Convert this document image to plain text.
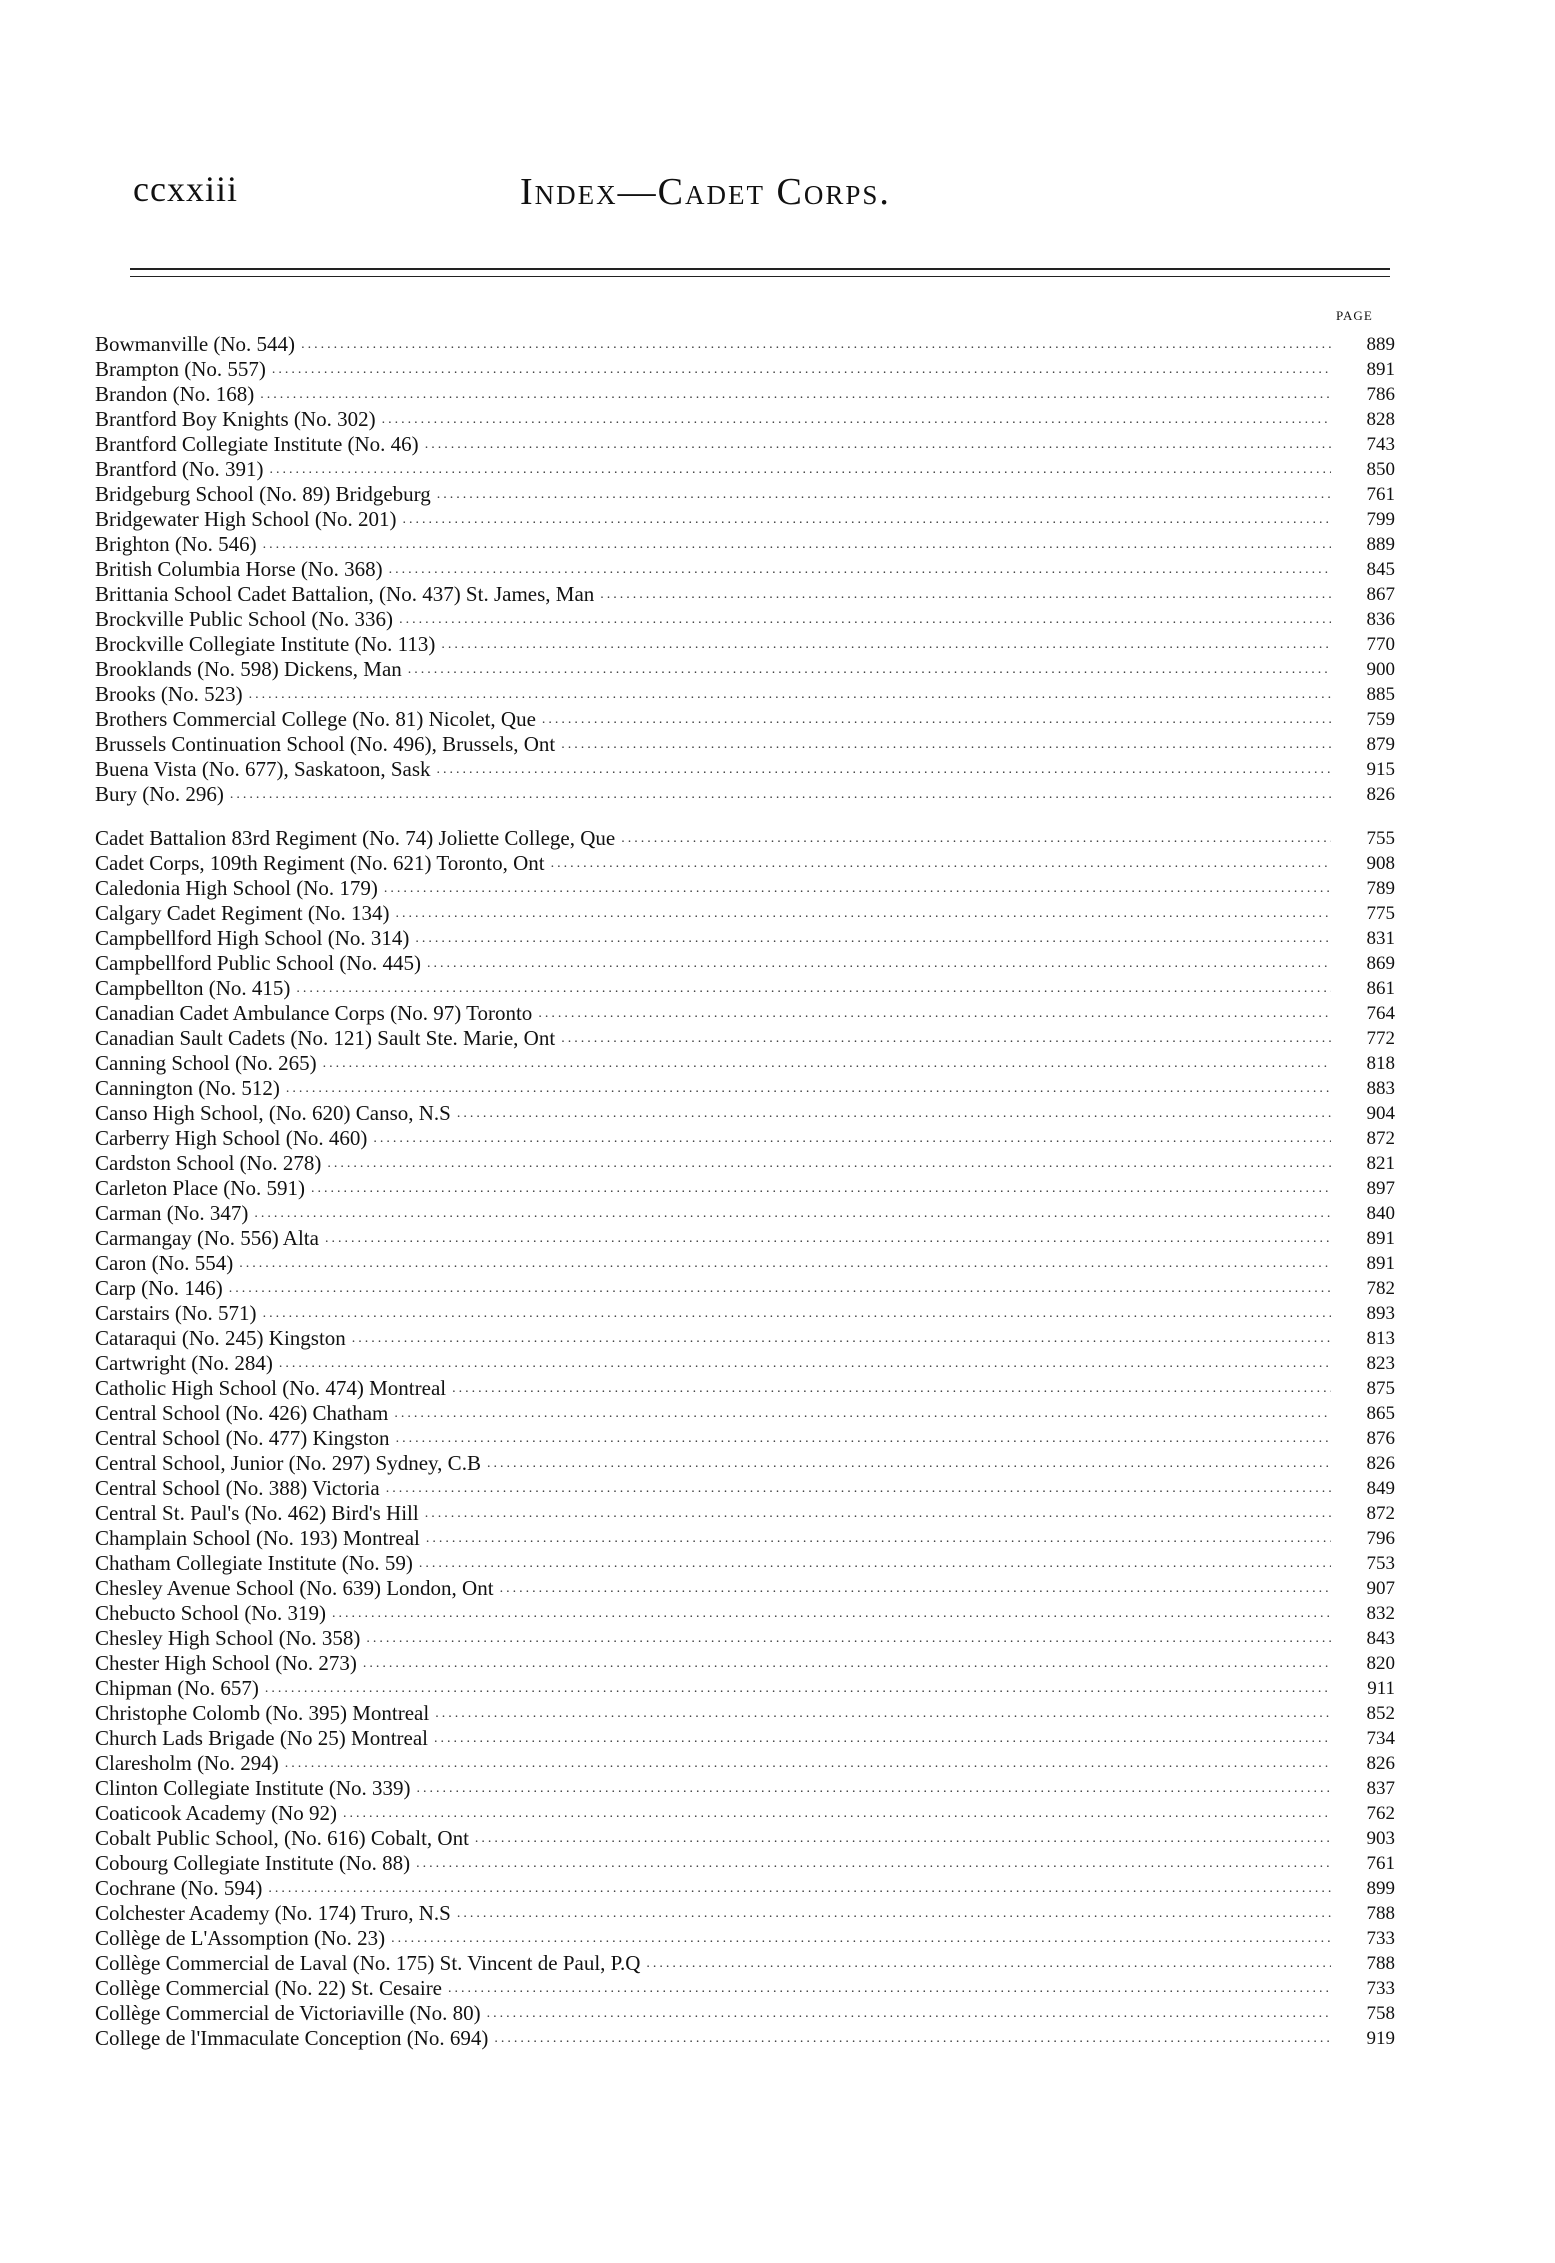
ccxxiii	Index—Cadet Corps.
PAGE
Bowmanville (No. 544) .....	889
Brampton (No. 557) .....	891
Brandon (No. 168) .....	786
Brantford Boy Knights (No. 302) .....	828
Brantford Collegiate Institute (No. 46) .....	743
Brantford (No. 391) .....	850
Bridgeburg School (No. 89) Bridgeburg .....	761
Bridgewater High School (No. 201) .....	799
Brighton (No. 546) .....	889
British Columbia Horse (No. 368) .....	845
Brittania School Cadet Battalion, (No. 437) St. James, Man .....	867
Brockville Public School (No. 336) .....	836
Brockville Collegiate Institute (No. 113) .....	770
Brooklands (No. 598) Dickens, Man .....	900
Brooks (No. 523) .....	885
Brothers Commercial College (No. 81) Nicolet, Que .....	759
Brussels Continuation School (No. 496), Brussels, Ont .....	879
Buena Vista (No. 677), Saskatoon, Sask .....	915
Bury (No. 296) .....	826
Cadet Battalion 83rd Regiment (No. 74) Joliette College, Que .....	755
Cadet Corps, 109th Regiment (No. 621) Toronto, Ont .....	908
Caledonia High School (No. 179) .....	789
Calgary Cadet Regiment (No. 134) .....	775
Campbellford High School (No. 314) .....	831
Campbellford Public School (No. 445) .....	869
Campbellton (No. 415) .....	861
Canadian Cadet Ambulance Corps (No. 97) Toronto .....	764
Canadian Sault Cadets (No. 121) Sault Ste. Marie, Ont .....	772
Canning School (No. 265) .....	818
Cannington (No. 512) .....	883
Canso High School, (No. 620) Canso, N.S .....	904
Carberry High School (No. 460) .....	872
Cardston School (No. 278) .....	821
Carleton Place (No. 591) .....	897
Carman (No. 347) .....	840
Carmangay (No. 556) Alta .....	891
Caron (No. 554) .....	891
Carp (No. 146) .....	782
Carstairs (No. 571) .....	893
Cataraqui (No. 245) Kingston .....	813
Cartwright (No. 284) .....	823
Catholic High School (No. 474) Montreal .....	875
Central School (No. 426) Chatham .....	865
Central School (No. 477) Kingston .....	876
Central School, Junior (No. 297) Sydney, C.B .....	826
Central School (No. 388) Victoria .....	849
Central St. Paul's (No. 462) Bird's Hill .....	872
Champlain School (No. 193) Montreal .....	796
Chatham Collegiate Institute (No. 59) .....	753
Chesley Avenue School (No. 639) London, Ont .....	907
Chebucto School (No. 319) .....	832
Chesley High School (No. 358) .....	843
Chester High School (No. 273) .....	820
Chipman (No. 657) .....	911
Christophe Colomb (No. 395) Montreal .....	852
Church Lads Brigade (No 25) Montreal .....	734
Claresholm (No. 294) .....	826
Clinton Collegiate Institute (No. 339) .....	837
Coaticook Academy (No 92) .....	762
Cobalt Public School, (No. 616) Cobalt, Ont .....	903
Cobourg Collegiate Institute (No. 88) .....	761
Cochrane (No. 594) .....	899
Colchester Academy (No. 174) Truro, N.S .....	788
Collège de L'Assomption (No. 23) .....	733
Collège Commercial de Laval (No. 175) St. Vincent de Paul, P.Q .....	788
Collège Commercial (No. 22) St. Cesaire .....	733
Collège Commercial de Victoriaville (No. 80) .....	758
College de l'Immaculate Conception (No. 694) .....	919
